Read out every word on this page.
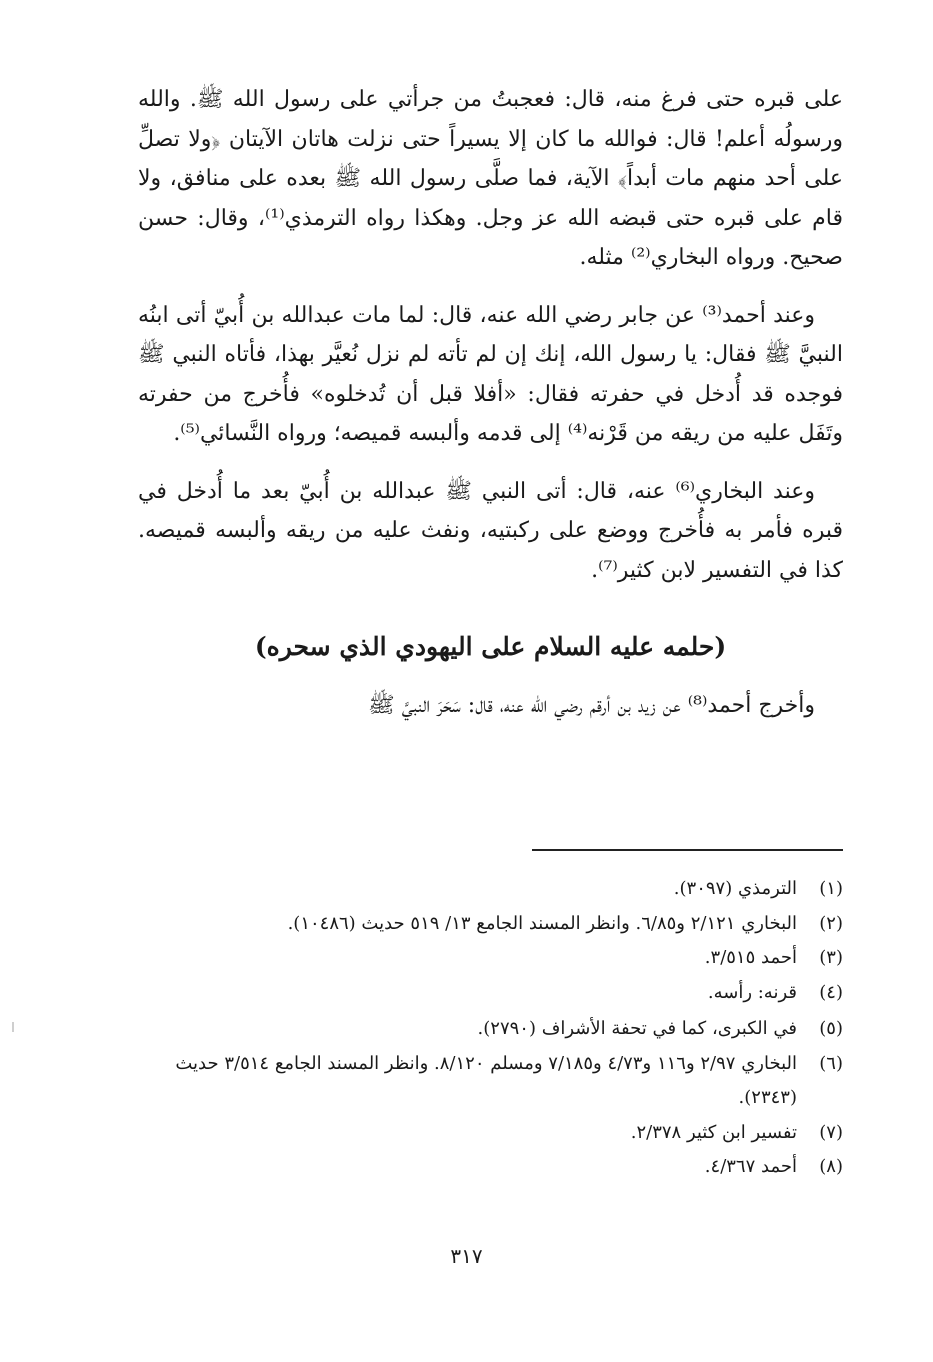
على قبره حتى فرغ منه، قال: فعجبتُ من جرأتي على رسول الله ﷺ. والله ورسولُه أعلم! قال: فوالله ما كان إلا يسيراً حتى نزلت هاتان الآيتان ﴿ولا تصلِّ على أحد منهم مات أبداً﴾ الآية، فما صلَّى رسول الله ﷺ بعده على منافق، ولا قام على قبره حتى قبضه الله عز وجل. وهكذا رواه الترمذي⁽¹⁾، وقال: حسن صحيح. ورواه البخاري⁽²⁾ مثله.

وعند أحمد⁽³⁾ عن جابر رضي الله عنه، قال: لما مات عبدالله بن أُبيّ أتى ابنُه النبيَّ ﷺ فقال: يا رسول الله، إنك إن لم تأته لم نزل نُعيَّر بهذا، فأتاه النبي ﷺ فوجده قد أُدخل في حفرته فقال: «أفلا قبل أن تُدخلوه» فأُخرج من حفرته وتَفَل عليه من ريقه من قَرْنه⁽⁴⁾ إلى قدمه وألبسه قميصه؛ ورواه النَّسائي⁽⁵⁾.

وعند البخاري⁽⁶⁾ عنه، قال: أتى النبي ﷺ عبدالله بن أُبيّ بعد ما أُدخل في قبره فأمر به فأُخرج ووضع على ركبتيه، ونفث عليه من ريقه وألبسه قميصه. كذا في التفسير لابن كثير⁽⁷⁾.

(حلمه عليه السلام على اليهودي الذي سحره)

وأخرج أحمد⁽⁸⁾ عن زيد بن أرقم رضي الله عنه، قال: سَحَرَ النبيَّ ﷺ

(١)
الترمذي (٣٠٩٧).
(٢)
البخاري ٢/١٢١ و٦/٨٥. وانظر المسند الجامع ١٣/ ٥١٩ حديث (١٠٤٨٦).
(٣)
أحمد ٣/٥١٥.
(٤)
قرنه: رأسه.
(٥)
في الكبرى، كما في تحفة الأشراف (٢٧٩٠).
(٦)
البخاري ٢/٩٧ و١١٦ و٤/٧٣ و٧/١٨٥ ومسلم ٨/١٢٠. وانظر المسند الجامع ٣/٥١٤ حديث (٢٣٤٣).
(٧)
تفسير ابن كثير ٢/٣٧٨.
(٨)
أحمد ٤/٣٦٧.
٣١٧
